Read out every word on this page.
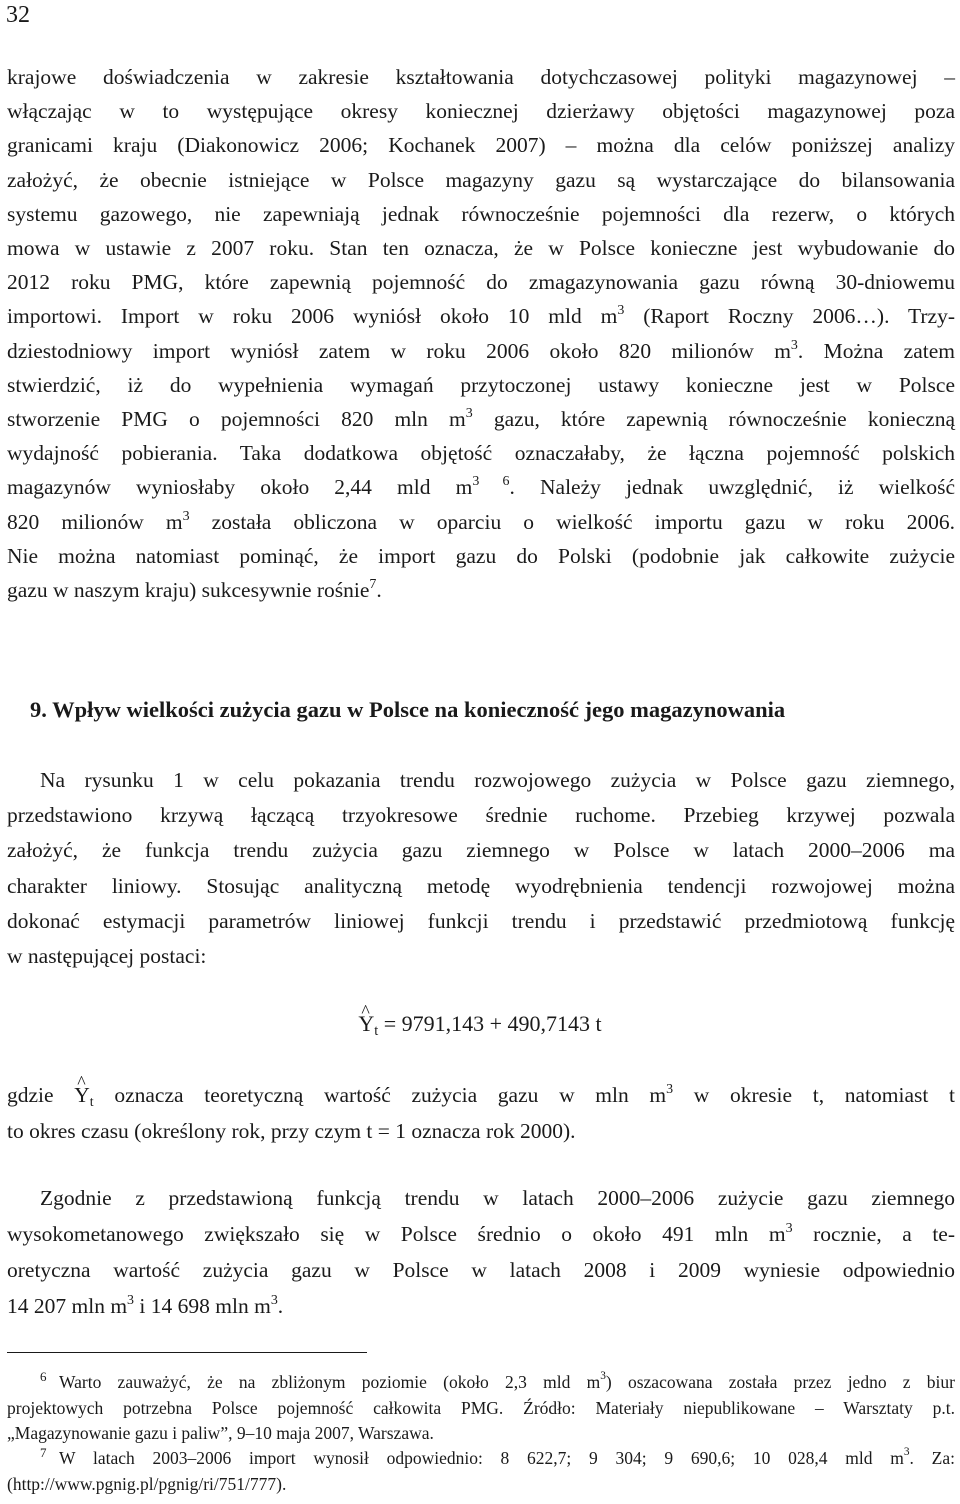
32
krajowe doświadczenia w zakresie kształtowania dotychczasowej polityki magazynowej –
włączając w to występujące okresy koniecznej dzierżawy objętości magazynowej poza
granicami kraju (Diakonowicz 2006; Kochanek 2007) – można dla celów poniższej analizy
założyć, że obecnie istniejące w Polsce magazyny gazu są wystarczające do bilansowania
systemu gazowego, nie zapewniają jednak równocześnie pojemności dla rezerw, o których
mowa w ustawie z 2007 roku. Stan ten oznacza, że w Polsce konieczne jest wybudowanie do
2012 roku PMG, które zapewnią pojemność do zmagazynowania gazu równą 30-dniowemu
importowi. Import w roku 2006 wyniósł około 10 mld $m^3$ (Raport Roczny 2006…). Trzy-
dziestodniowy import wyniósł zatem w roku 2006 około 820 milionów $m^3$. Można zatem
stwierdzić, iż do wypełnienia wymagań przytoczonej ustawy konieczne jest w Polsce
stworzenie PMG o pojemności 820 mln $m^3$ gazu, które zapewnią równocześnie konieczną
wydajność pobierania. Taka dodatkowa objętość oznaczałaby, że łączna pojemność polskich
magazynów wyniosłaby około 2,44 mld $m^{3 6}$. Należy jednak uwzględnić, iż wielkość
820 milionów $m^3$ została obliczona w oparciu o wielkość importu gazu w roku 2006.
Nie można natomiast pominąć, że import gazu do Polski (podobnie jak całkowite zużycie
gazu w naszym kraju) sukcesywnie rośnie$^7$.
9. Wpływ wielkości zużycia gazu w Polsce na konieczność jego magazynowania
Na rysunku 1 w celu pokazania trendu rozwojowego zużycia w Polsce gazu ziemnego,
przedstawiono krzywą łączącą trzyokresowe średnie ruchome. Przebieg krzywej pozwala
założyć, że funkcja trendu zużycia gazu ziemnego w Polsce w latach 2000–2006 ma
charakter liniowy. Stosując analityczną metodę wyodrębnienia tendencji rozwojowej można
dokonać estymacji parametrów liniowej funkcji trendu i przedstawić przedmiotową funkcję
w następującej postaci:
^ $Y_t = 9791,143 + 490,7143$ t
gdzie ^ $Y_t$ oznacza teoretyczną wartość zużycia gazu w mln $m^3$ w okresie t, natomiast t
to okres czasu (określony rok, przy czym t = 1 oznacza rok 2000).
Zgodnie z przedstawioną funkcją trendu w latach 2000–2006 zużycie gazu ziemnego
wysokometanowego zwiększało się w Polsce średnio o około 491 mln $m^3$ rocznie, a te-
oretyczna wartość zużycia gazu w Polsce w latach 2008 i 2009 wyniesie odpowiednio
14 207 mln $m^3$ i 14 698 mln $m^3$.
6 Warto zauważyć, że na zbliżonym poziomie (około 2,3 mld $m^3$) oszacowana została przez jedno z biur
projektowych potrzebna Polsce pojemność całkowita PMG. Źródło: Materiały niepublikowane – Warsztaty p.t.
„Magazynowanie gazu i paliw”, 9–10 maja 2007, Warszawa.
7 W latach 2003–2006 import wynosił odpowiednio: 8 622,7; 9 304; 9 690,6; 10 028,4 mld $m^3$. Za:
(http://www.pgnig.pl/pgnig/ri/751/777).
